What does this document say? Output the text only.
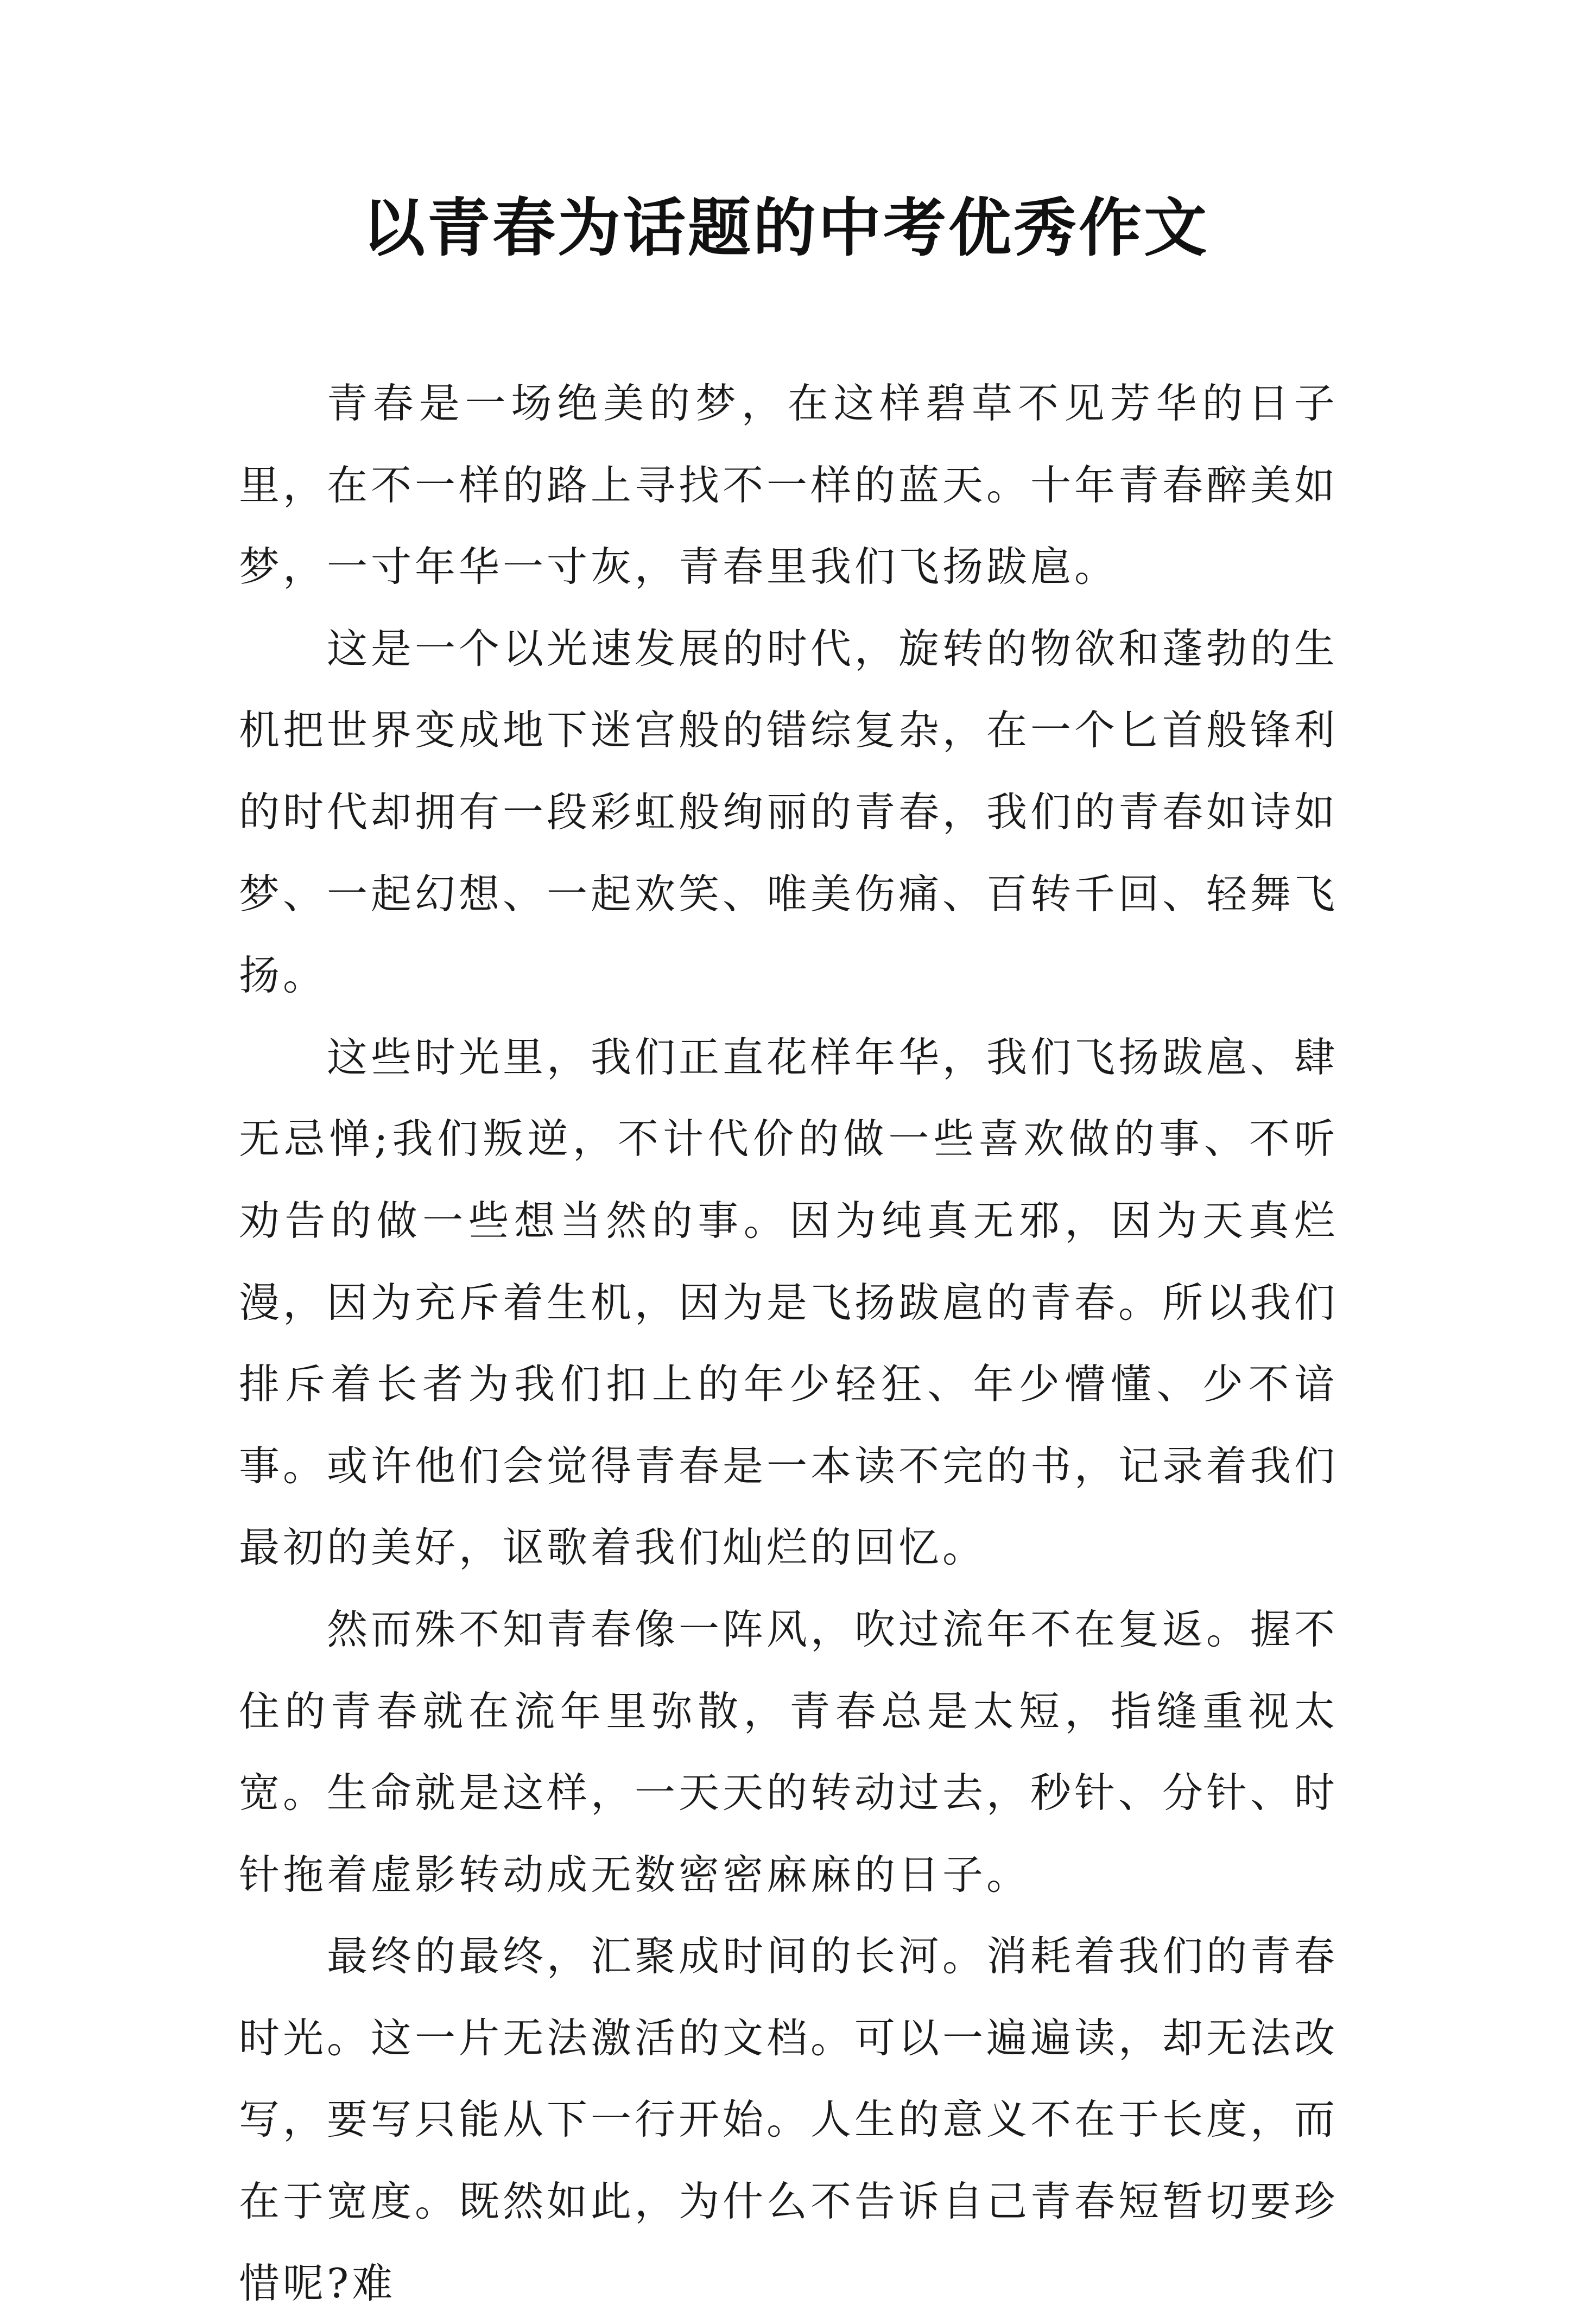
以青春为话题的中考优秀作文

青春是一场绝美的梦，在这样碧草不见芳华的日子里，在不一样的路上寻找不一样的蓝天。十年青春醉美如梦，一寸年华一寸灰，青春里我们飞扬跋扈。

这是一个以光速发展的时代，旋转的物欲和蓬勃的生机把世界变成地下迷宫般的错综复杂，在一个匕首般锋利的时代却拥有一段彩虹般绚丽的青春，我们的青春如诗如梦、一起幻想、一起欢笑、唯美伤痛、百转千回、轻舞飞扬。

这些时光里，我们正直花样年华，我们飞扬跋扈、肆无忌惮;我们叛逆，不计代价的做一些喜欢做的事、不听劝告的做一些想当然的事。因为纯真无邪，因为天真烂漫，因为充斥着生机，因为是飞扬跋扈的青春。所以我们排斥着长者为我们扣上的年少轻狂、年少懵懂、少不谙事。或许他们会觉得青春是一本读不完的书，记录着我们最初的美好，讴歌着我们灿烂的回忆。

然而殊不知青春像一阵风，吹过流年不在复返。握不住的青春就在流年里弥散，青春总是太短，指缝重视太宽。生命就是这样，一天天的转动过去，秒针、分针、时针拖着虚影转动成无数密密麻麻的日子。

最终的最终，汇聚成时间的长河。消耗着我们的青春时光。这一片无法激活的文档。可以一遍遍读，却无法改写，要写只能从下一行开始。人生的意义不在于长度，而在于宽度。既然如此，为什么不告诉自己青春短暂切要珍惜呢?难
